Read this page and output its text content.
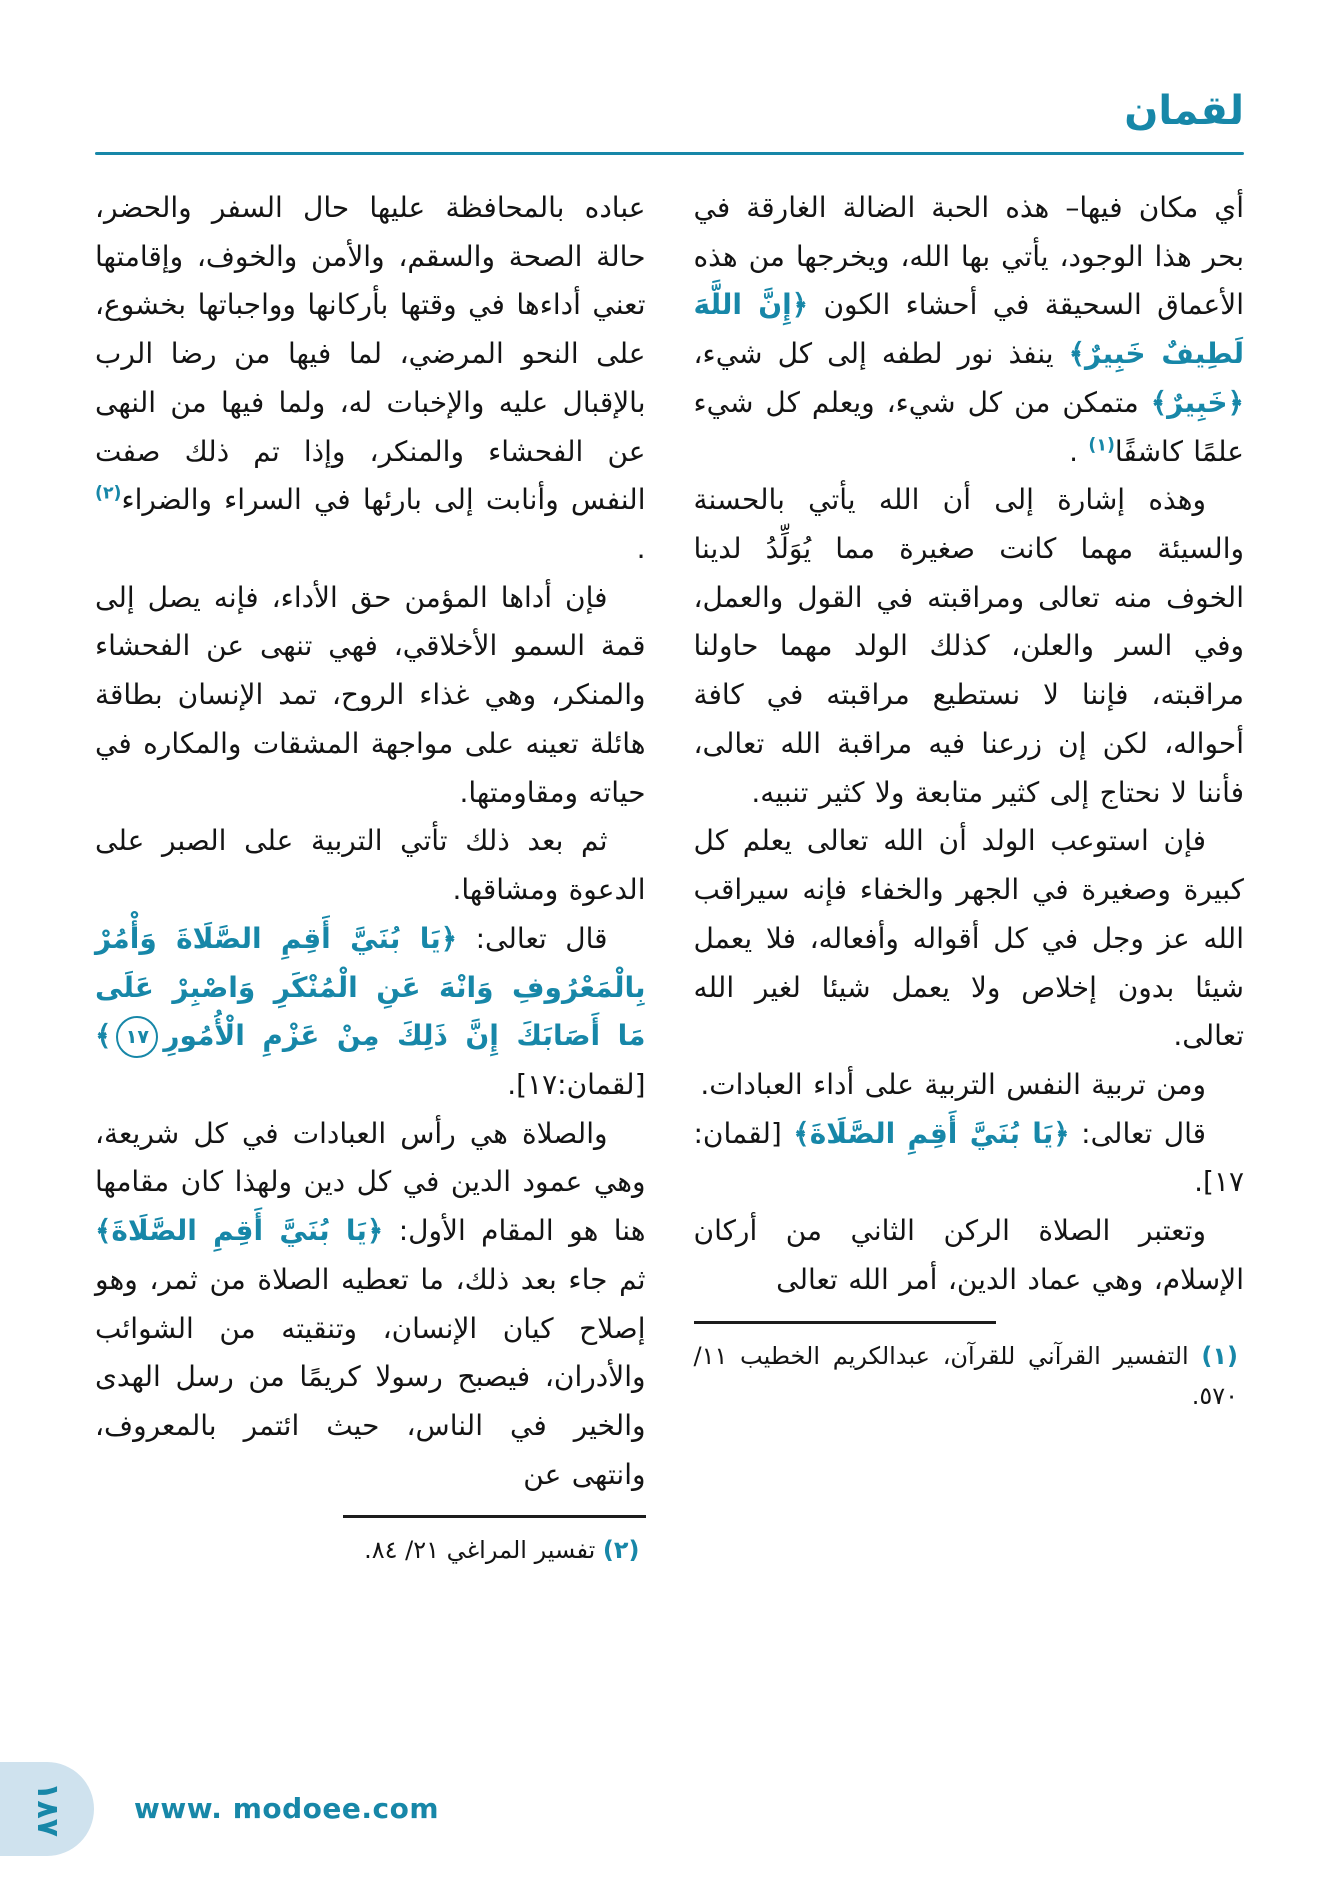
لقمان

أي مكان فيها– هذه الحبة الضالة الغارقة في بحر هذا الوجود، يأتي بها الله، ويخرجها من هذه الأعماق السحيقة في أحشاء الكون ﴿إِنَّ اللَّهَ لَطِيفٌ خَبِيرٌ﴾ ينفذ نور لطفه إلى كل شيء، ﴿خَبِيرٌ﴾ متمكن من كل شيء، ويعلم كل شيء علمًا كاشفًا$^{(١)}$ .

وهذه إشارة إلى أن الله يأتي بالحسنة والسيئة مهما كانت صغيرة مما يُوَلِّدُ لدينا الخوف منه تعالى ومراقبته في القول والعمل، وفي السر والعلن، كذلك الولد مهما حاولنا مراقبته، فإننا لا نستطيع مراقبته في كافة أحواله، لكن إن زرعنا فيه مراقبة الله تعالى، فأننا لا نحتاج إلى كثير متابعة ولا كثير تنبيه.

فإن استوعب الولد أن الله تعالى يعلم كل كبيرة وصغيرة في الجهر والخفاء فإنه سيراقب الله عز وجل في كل أقواله وأفعاله، فلا يعمل شيئا بدون إخلاص ولا يعمل شيئا لغير الله تعالى.

ومن تربية النفس التربية على أداء العبادات.

قال تعالى: ﴿يَا بُنَيَّ أَقِمِ الصَّلَاةَ﴾ [لقمان: ١٧].

وتعتبر الصلاة الركن الثاني من أركان الإسلام، وهي عماد الدين، أمر الله تعالى

(١) التفسير القرآني للقرآن، عبدالكريم الخطيب ١١/ ٥٧٠.

عباده بالمحافظة عليها حال السفر والحضر، حالة الصحة والسقم، والأمن والخوف، وإقامتها تعني أداءها في وقتها بأركانها وواجباتها بخشوع، على النحو المرضي، لما فيها من رضا الرب بالإقبال عليه والإخبات له، ولما فيها من النهى عن الفحشاء والمنكر، وإذا تم ذلك صفت النفس وأنابت إلى بارئها في السراء والضراء$^{(٢)}$ .

فإن أداها المؤمن حق الأداء، فإنه يصل إلى قمة السمو الأخلاقي، فهي تنهى عن الفحشاء والمنكر، وهي غذاء الروح، تمد الإنسان بطاقة هائلة تعينه على مواجهة المشقات والمكاره في حياته ومقاومتها.

ثم بعد ذلك تأتي التربية على الصبر على الدعوة ومشاقها.

قال تعالى: ﴿يَا بُنَيَّ أَقِمِ الصَّلَاةَ وَأْمُرْ بِالْمَعْرُوفِ وَانْهَ عَنِ الْمُنْكَرِ وَاصْبِرْ عَلَى مَا أَصَابَكَ إِنَّ ذَلِكَ مِنْ عَزْمِ الْأُمُورِ١٧﴾ [لقمان:١٧].

والصلاة هي رأس العبادات في كل شريعة، وهي عمود الدين في كل دين ولهذا كان مقامها هنا هو المقام الأول: ﴿يَا بُنَيَّ أَقِمِ الصَّلَاةَ﴾ ثم جاء بعد ذلك، ما تعطيه الصلاة من ثمر، وهو إصلاح كيان الإنسان، وتنقيته من الشوائب والأدران، فيصبح رسولا كريمًا من رسل الهدى والخير في الناس، حيث ائتمر بالمعروف، وانتهى عن

(٢) تفسير المراغي ٢١/ ٨٤.
١٨٧ www. modoee.com
